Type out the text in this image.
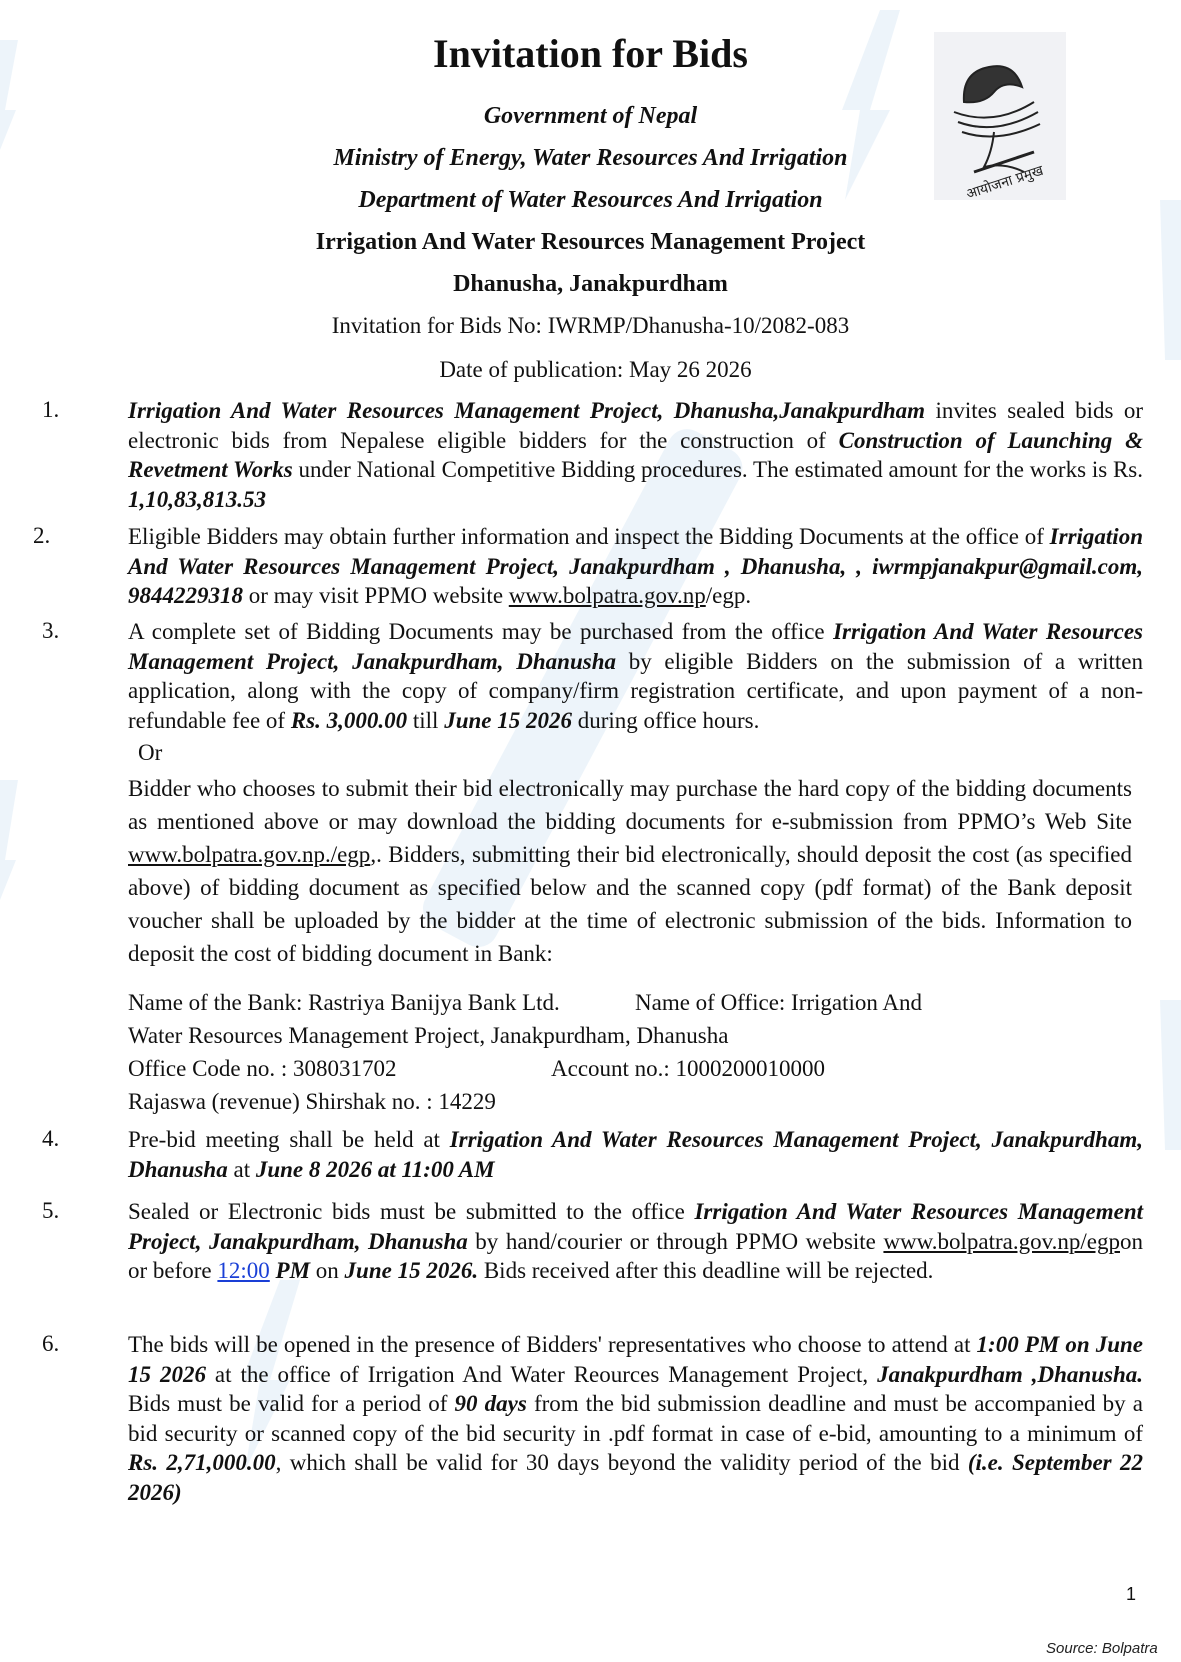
Invitation for Bids
Government of Nepal
Ministry of Energy, Water Resources And Irrigation
Department of Water Resources And Irrigation
Irrigation And Water Resources Management Project
Dhanusha, Janakpurdham
Invitation for Bids No: IWRMP/Dhanusha-10/2082-083
Date of publication: May 26 2026
आयोजना प्रमुख
1.
2.
3.
4.
5.
6.
Irrigation And Water Resources Management Project, Dhanusha,Janakpurdham invites sealed bids or electronic bids from Nepalese eligible bidders for the construction of Construction of Launching & Revetment Works under National Competitive Bidding procedures. The estimated amount for the works is Rs. 1,10,83,813.53
Eligible Bidders may obtain further information and inspect the Bidding Documents at the office of Irrigation And Water Resources Management Project, Janakpurdham , Dhanusha, , iwrmpjanakpur@gmail.com, 9844229318 or may visit PPMO website www.bolpatra.gov.np/egp.
A complete set of Bidding Documents may be purchased from the office Irrigation And Water Resources Management Project, Janakpurdham, Dhanusha by eligible Bidders on the submission of a written application, along with the copy of company/firm registration certificate, and upon payment of a non-refundable fee of Rs. 3,000.00 till June 15 2026 during office hours.
Or
Bidder who chooses to submit their bid electronically may purchase the hard copy of the bidding documents as mentioned above or may download the bidding documents for e-submission from PPMO’s Web Site www.bolpatra.gov.np./egp,. Bidders, submitting their bid electronically, should deposit the cost (as specified above) of bidding document as specified below and the scanned copy (pdf format) of the Bank deposit voucher shall be uploaded by the bidder at the time of electronic submission of the bids. Information to deposit the cost of bidding document in Bank:
Name of the Bank: Rastriya Banijya Bank Ltd.	Name of Office: Irrigation And
Water Resources Management Project, Janakpurdham, Dhanusha
Office Code no. : 308031702	Account no.: 1000200010000
Rajaswa (revenue) Shirshak no. : 14229
Pre-bid meeting shall be held at Irrigation And Water Resources Management Project, Janakpurdham, Dhanusha at June 8 2026 at 11:00 AM
Sealed or Electronic bids must be submitted to the office Irrigation And Water Resources Management Project, Janakpurdham, Dhanusha by hand/courier or through PPMO website www.bolpatra.gov.np/egpon or before 12:00 PM on June 15 2026. Bids received after this deadline will be rejected.
The bids will be opened in the presence of Bidders' representatives who choose to attend at 1:00 PM on June 15 2026 at the office of Irrigation And Water Reources Management Project, Janakpurdham ,Dhanusha. Bids must be valid for a period of 90 days from the bid submission deadline and must be accompanied by a bid security or scanned copy of the bid security in .pdf format in case of e-bid, amounting to a minimum of Rs. 2,71,000.00, which shall be valid for 30 days beyond the validity period of the bid (i.e. September 22 2026)
1
Source: Bolpatra
